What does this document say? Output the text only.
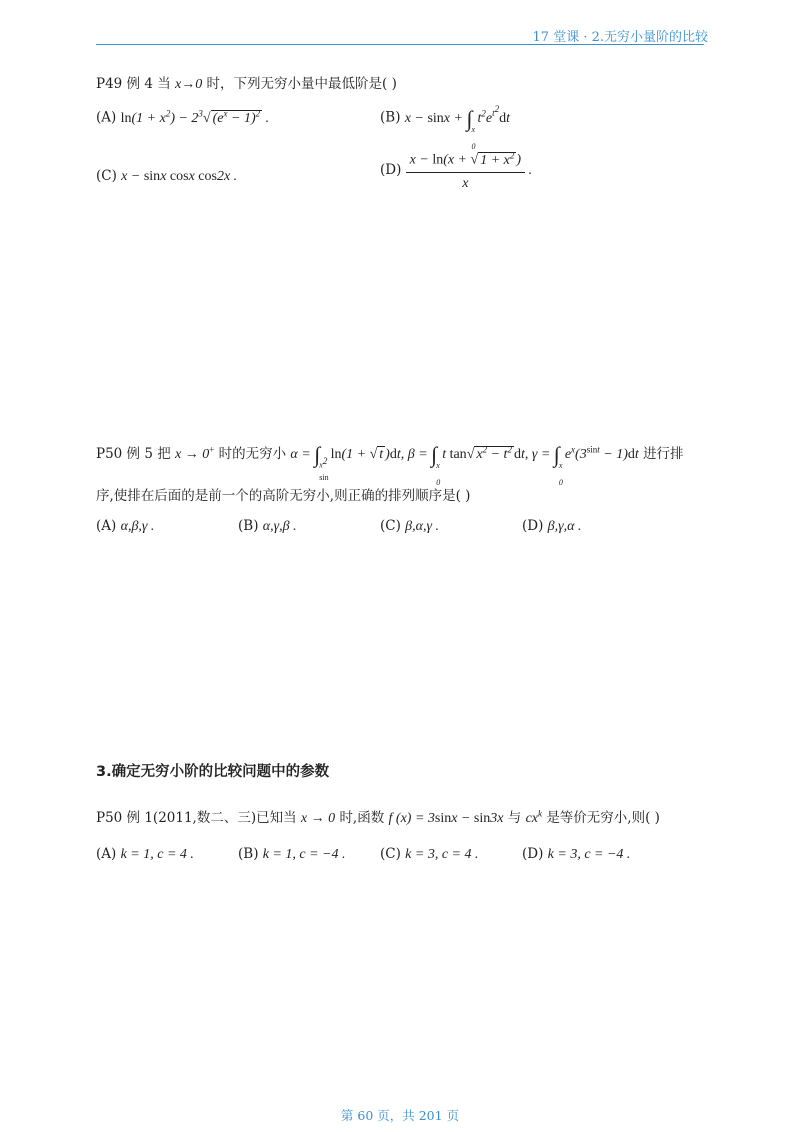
17 堂课 · 2.无穷小量阶的比较
P49 例 4 当 x→0 时，下列无穷小量中最低阶是( )
(A) $\ln(1 + x^2) - 2^3√$ $(e^x - 1)^2$ .	(B) x − sinx + ∫ x
0
$t^2e^{t^2}dt$
(C) x − sinx cosx cos2x .	$(D) \frac{x - \ln(x + √ 1 + x^2 )}{x}$ .
P50 例 5 把 x → 0+ 时的无穷小 α = ∫ $x^2$
sin
ln(1 + √ t )dt, β = ∫ x
0
t tan√ $x^2 - t^2$ dt, γ = ∫ x
0
$e^x(3^{sint} - 1)dt$ 进行排
序,使排在后面的是前一个的高阶无穷小,则正确的排列顺序是( )
(A) α,β,γ .	(B) α,γ,β .	(C) β,α,γ .	(D) β,γ,α .
3.确定无穷小阶的比较问题中的参数
P50 例 1(2011,数二、三)已知当 x → 0 时,函数 f (x) = 3sinx − sin3x 与 $cx^k$ 是等价无穷小,则( )
(A) k = 1, c = 4 .	(B) k = 1, c = −4 .	(C) k = 3, c = 4 .	(D) k = 3, c = −4 .
第 60 页，共 201 页
